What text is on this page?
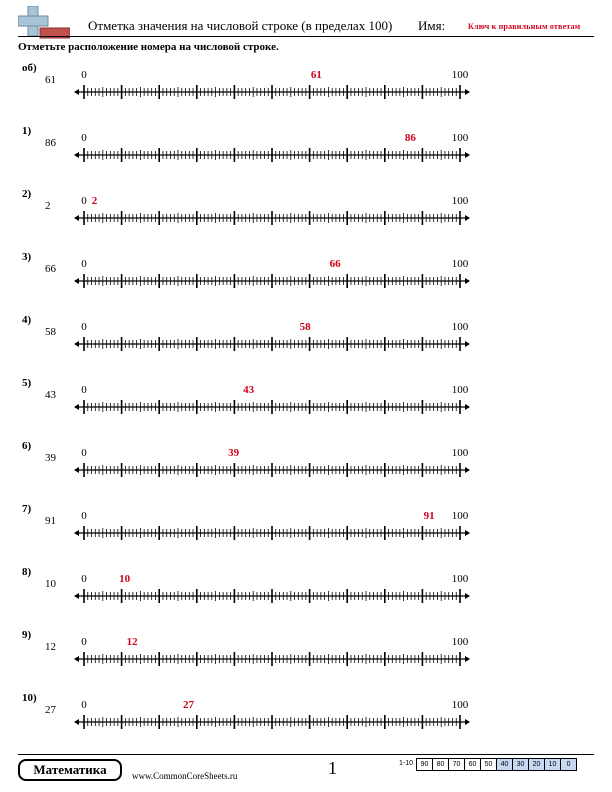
Отметка значения на числовой строке (в пределах 100) Имя:	Ключ к правильным ответам
Отметьте расположение номера на числовой строке.
об)
61 0	100
61
1)
86 0	100
86
2)
2	0	100
2
3)
66 0	100
66
4)
58 0	100
58
5)
43 0	100
43
6)
39 0	100
39
7)
91 0	100
91
8)
10 0	100
10
9)
12 0	100
12
10)
27 0	100
27
Математика	www.CommonCoreSheets.ru	1	1-10	90	80	70	60	50	40	30	20	10	0
